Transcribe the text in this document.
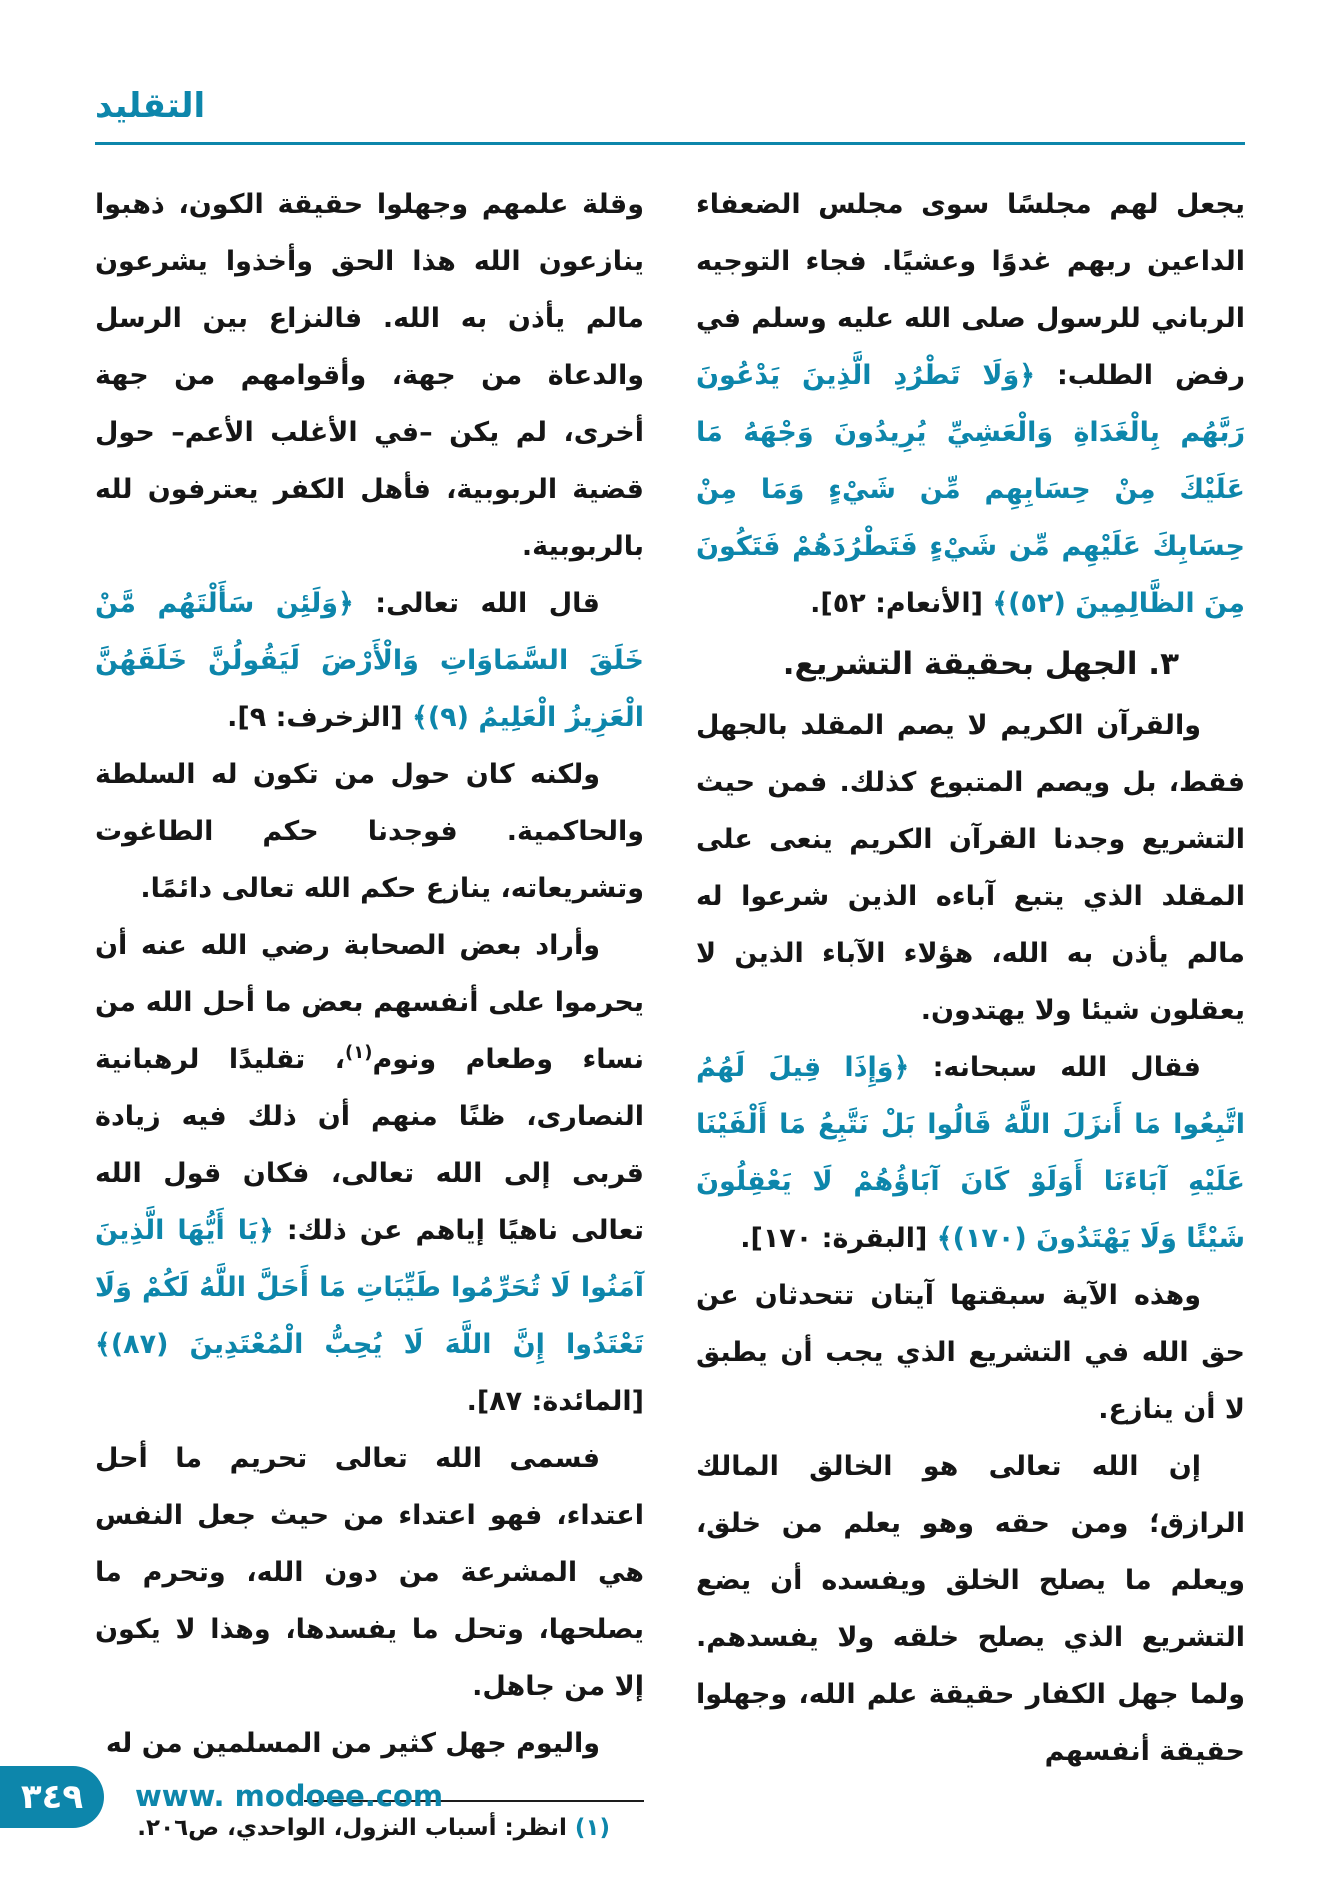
التقليد

يجعل لهم مجلسًا سوى مجلس الضعفاء الداعين ربهم غدوًا وعشيًا. فجاء التوجيه الرباني للرسول صلى الله عليه وسلم في رفض الطلب: ﴿وَلَا تَطْرُدِ الَّذِينَ يَدْعُونَ رَبَّهُم بِالْغَدَاةِ وَالْعَشِيِّ يُرِيدُونَ وَجْهَهُ مَا عَلَيْكَ مِنْ حِسَابِهِم مِّن شَيْءٍ وَمَا مِنْ حِسَابِكَ عَلَيْهِم مِّن شَيْءٍ فَتَطْرُدَهُمْ فَتَكُونَ مِنَ الظَّالِمِينَ (٥٢)﴾ [الأنعام: ٥٢].

٣. الجهل بحقيقة التشريع.

والقرآن الكريم لا يصم المقلد بالجهل فقط، بل ويصم المتبوع كذلك. فمن حيث التشريع وجدنا القرآن الكريم ينعى على المقلد الذي يتبع آباءه الذين شرعوا له مالم يأذن به الله، هؤلاء الآباء الذين لا يعقلون شيئا ولا يهتدون.

فقال الله سبحانه: ﴿وَإِذَا قِيلَ لَهُمُ اتَّبِعُوا مَا أَنزَلَ اللَّهُ قَالُوا بَلْ نَتَّبِعُ مَا أَلْفَيْنَا عَلَيْهِ آبَاءَنَا أَوَلَوْ كَانَ آبَاؤُهُمْ لَا يَعْقِلُونَ شَيْئًا وَلَا يَهْتَدُونَ (١٧٠)﴾ [البقرة: ١٧٠].

وهذه الآية سبقتها آيتان تتحدثان عن حق الله في التشريع الذي يجب أن يطبق لا أن ينازع.

إن الله تعالى هو الخالق المالك الرازق؛ ومن حقه وهو يعلم من خلق، ويعلم ما يصلح الخلق ويفسده أن يضع التشريع الذي يصلح خلقه ولا يفسدهم. ولما جهل الكفار حقيقة علم الله، وجهلوا حقيقة أنفسهم

وقلة علمهم وجهلوا حقيقة الكون، ذهبوا ينازعون الله هذا الحق وأخذوا يشرعون مالم يأذن به الله. فالنزاع بين الرسل والدعاة من جهة، وأقوامهم من جهة أخرى، لم يكن –في الأغلب الأعم– حول قضية الربوبية، فأهل الكفر يعترفون لله بالربوبية.

قال الله تعالى: ﴿وَلَئِن سَأَلْتَهُم مَّنْ خَلَقَ السَّمَاوَاتِ وَالْأَرْضَ لَيَقُولُنَّ خَلَقَهُنَّ الْعَزِيزُ الْعَلِيمُ (٩)﴾ [الزخرف: ٩].

ولكنه كان حول من تكون له السلطة والحاكمية. فوجدنا حكم الطاغوت وتشريعاته، ينازع حكم الله تعالى دائمًا.

وأراد بعض الصحابة رضي الله عنه أن يحرموا على أنفسهم بعض ما أحل الله من نساء وطعام ونوم$^{(١)}$، تقليدًا لرهبانية النصارى، ظنًا منهم أن ذلك فيه زيادة قربى إلى الله تعالى، فكان قول الله تعالى ناهيًا إياهم عن ذلك: ﴿يَا أَيُّهَا الَّذِينَ آمَنُوا لَا تُحَرِّمُوا طَيِّبَاتِ مَا أَحَلَّ اللَّهُ لَكُمْ وَلَا تَعْتَدُوا إِنَّ اللَّهَ لَا يُحِبُّ الْمُعْتَدِينَ (٨٧)﴾ [المائدة: ٨٧].

فسمى الله تعالى تحريم ما أحل اعتداء، فهو اعتداء من حيث جعل النفس هي المشرعة من دون الله، وتحرم ما يصلحها، وتحل ما يفسدها، وهذا لا يكون إلا من جاهل.

واليوم جهل كثير من المسلمين من له

(١) انظر: أسباب النزول، الواحدي، ص٢٠٦.
٣٤٩ www. modoee.com
